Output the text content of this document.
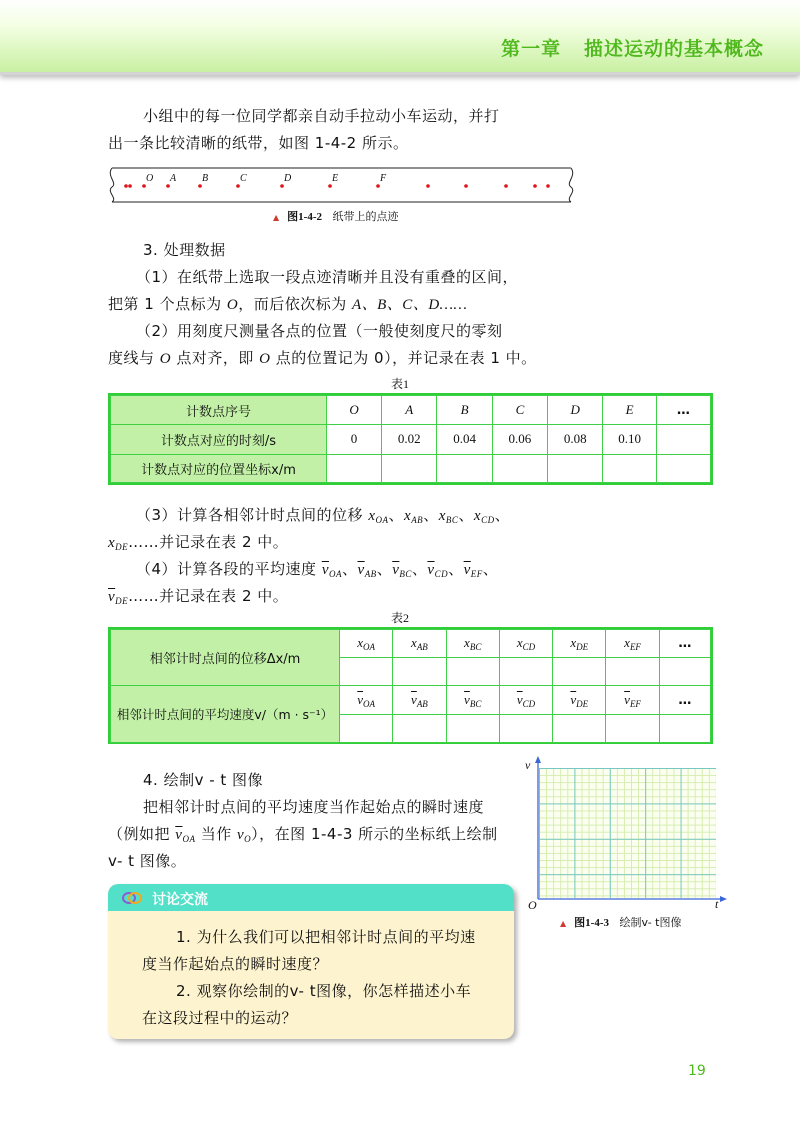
第一章 描述运动的基本概念
小组中的每一位同学都亲自动手拉动小车运动，并打
出一条比较清晰的纸带，如图 1-4-2 所示。
O A	B	C	D	E	F
▲ 图1-4-2 纸带上的点迹
3. 处理数据
（1）在纸带上选取一段点迹清晰并且没有重叠的区间，
把第 1 个点标为 O，而后依次标为 A、B、C、D……
（2）用刻度尺测量各点的位置（一般使刻度尺的零刻
度线与 O 点对齐，即 O 点的位置记为 0），并记录在表 1 中。
表1
计数点序号	O	A	B	C	D	E	…
计数点对应的时刻/s	0	0.02	0.04	0.06	0.08	0.10	
计数点对应的位置坐标x/m							
（3）计算各相邻计时点间的位移 $x_{OA}$、$x_{AB}$、$x_{BC}$、$x_{CD}$、
$x_{DE}\dots\dots$并记录在表 2 中。
（4）计算各段的平均速度 $\overline{v}_{OA}$、$\overline{v}_{AB}$、$\overline{v}_{BC}$、$\overline{v}_{CD}$、$\overline{v}_{EF}$、
$\overline{v}_{DE}\dots\dots$并记录在表 2 中。
表2
相邻计时点间的位移Δx/m	$x_{OA}$	$x_{AB}$	$x_{BC}$	$x_{CD}$	$x_{DE}$	$x_{EF}$	…

相邻计时点间的平均速度v/（m · s⁻¹）	$\overline{v}_{OA}$	$\overline{v}_{AB}$	$\overline{v}_{BC}$	$\overline{v}_{CD}$	$\overline{v}_{DE}$	$\overline{v}_{EF}$	…

4. 绘制v - t 图像
把相邻计时点间的平均速度当作起始点的瞬时速度
（例如把 $\overline{v}_{OA}$ 当作 $v_O$），在图 1-4-3 所示的坐标纸上绘制
v- t 图像。
v
O	t
▲ 图1-4-3 绘制v- t图像
讨论交流
1. 为什么我们可以把相邻计时点间的平均速
度当作起始点的瞬时速度？
2. 观察你绘制的v- t图像，你怎样描述小车
在这段过程中的运动？
19
